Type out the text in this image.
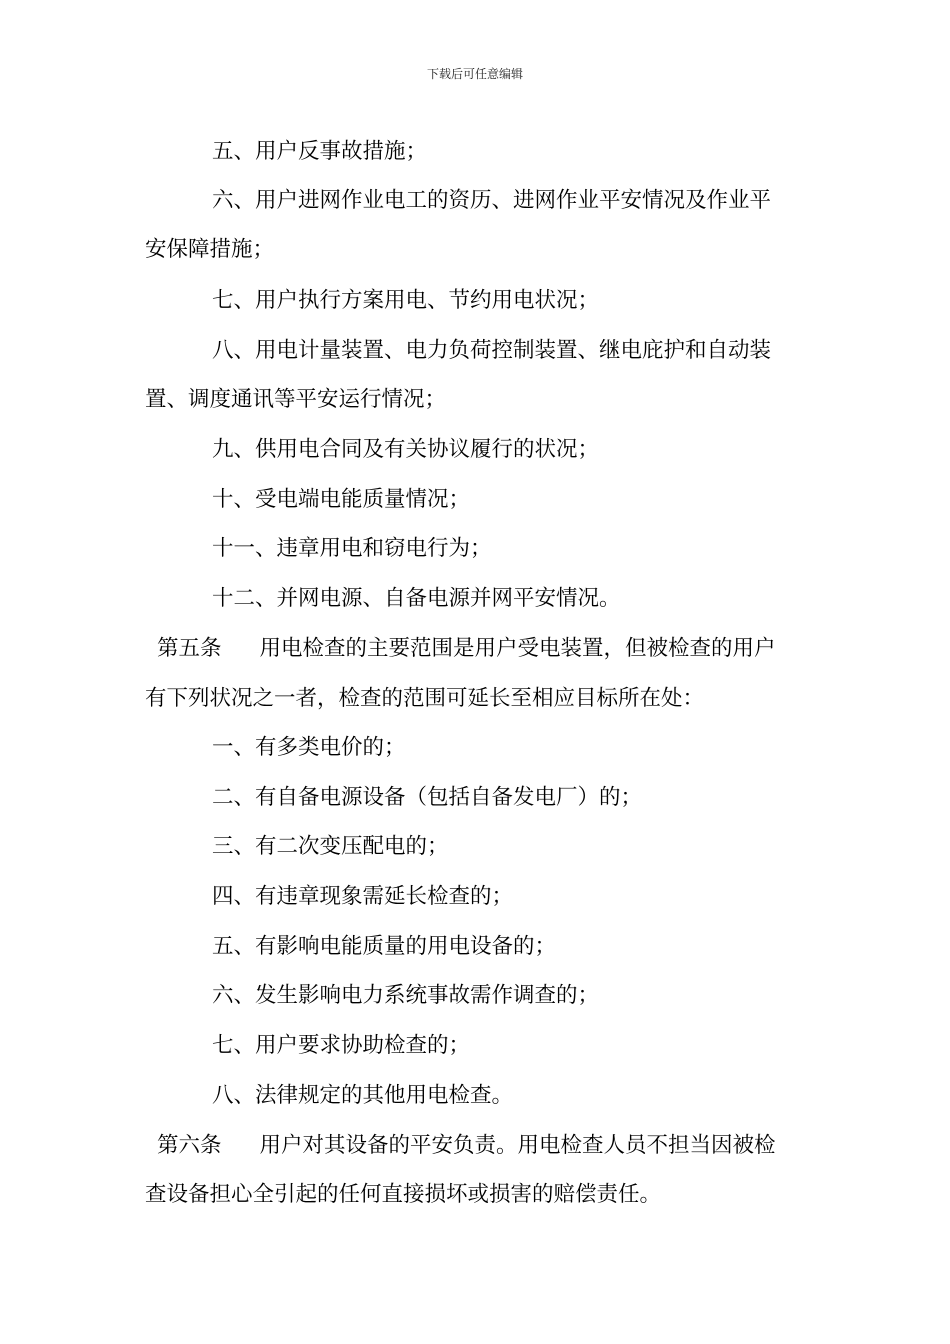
下载后可任意编辑
五、用户反事故措施；
六、用户进网作业电工的资历、进网作业平安情况及作业平
安保障措施；
七、用户执行方案用电、节约用电状况；
八、用电计量装置、电力负荷控制装置、继电庇护和自动装
置、调度通讯等平安运行情况；
九、供用电合同及有关协议履行的状况；
十、受电端电能质量情况；
十一、违章用电和窃电行为；
十二、并网电源、自备电源并网平安情况。
第五条 用电检查的主要范围是用户受电装置，但被检查的用户
有下列状况之一者，检查的范围可延长至相应目标所在处：
一、有多类电价的；
二、有自备电源设备（包括自备发电厂）的；
三、有二次变压配电的；
四、有违章现象需延长检查的；
五、有影响电能质量的用电设备的；
六、发生影响电力系统事故需作调查的；
七、用户要求协助检查的；
八、法律规定的其他用电检查。
第六条 用户对其设备的平安负责。用电检查人员不担当因被检
查设备担心全引起的任何直接损坏或损害的赔偿责任。
